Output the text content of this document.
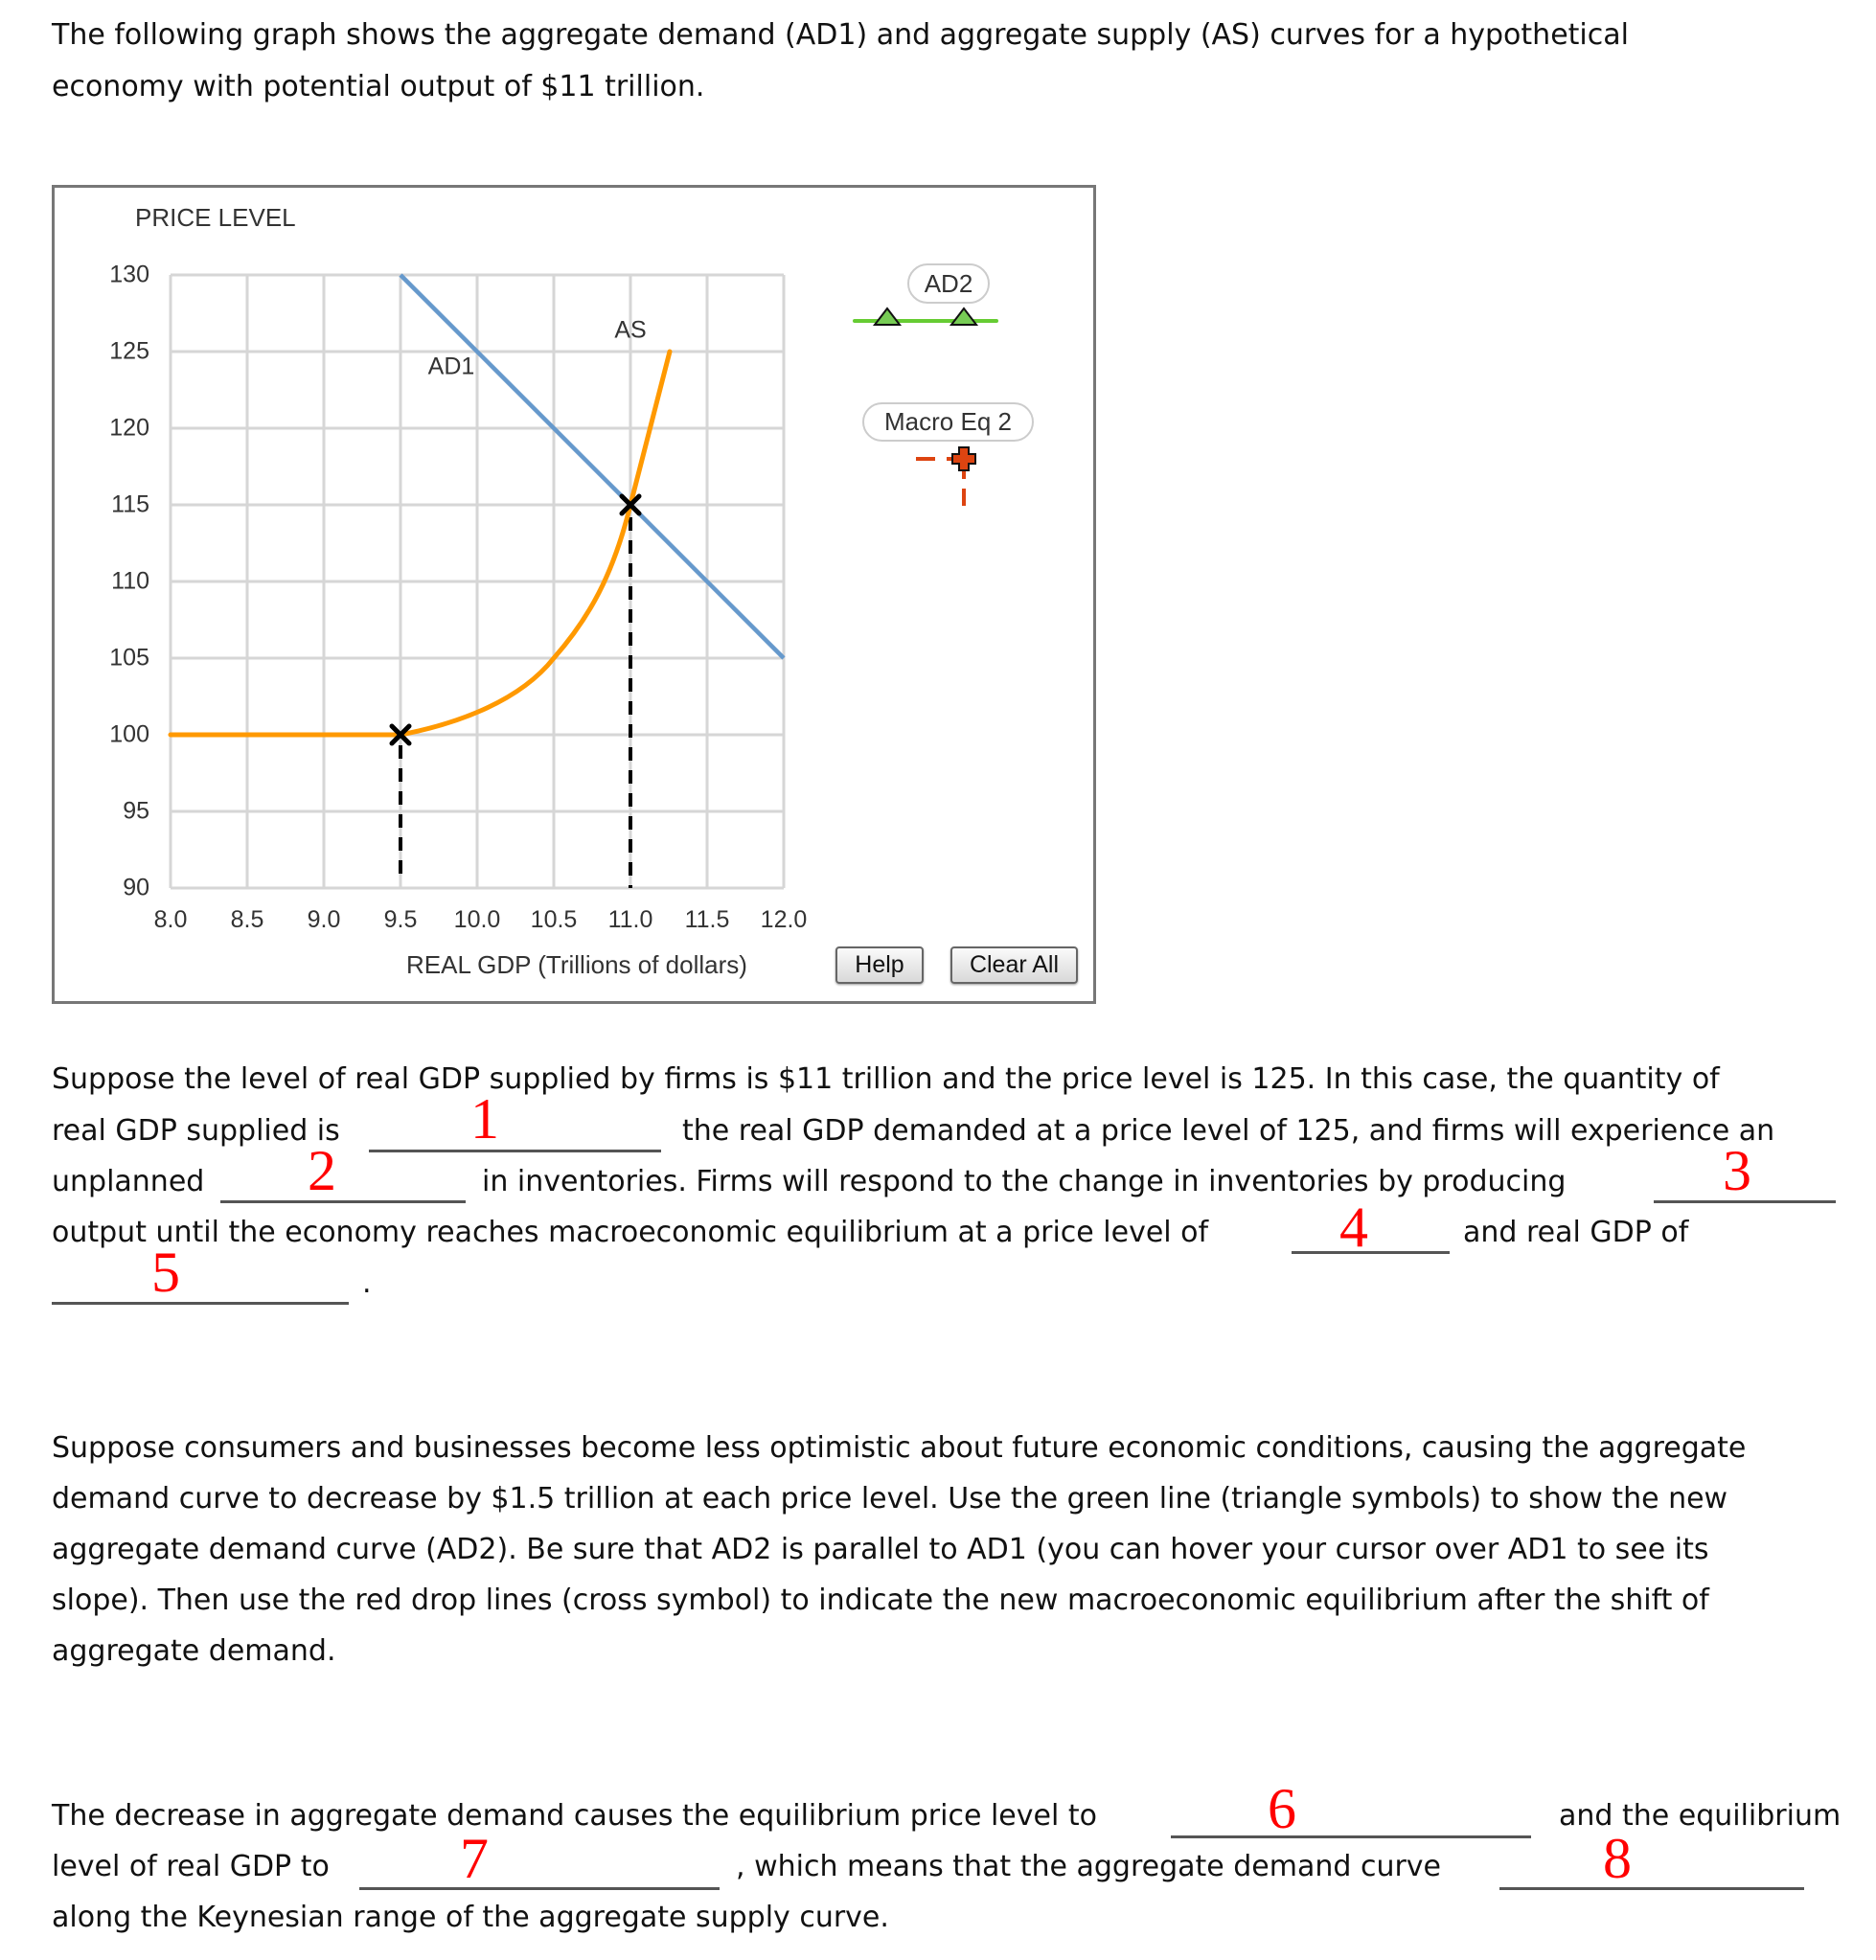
The following graph shows the aggregate demand (AD1) and aggregate supply (AS) curves for a hypothetical
economy with potential output of $11 trillion.
PRICE LEVEL
130
125
120
115
110
105
100
95
90
8.0 8.5 9.0 9.5 10.0 10.5 11.0 11.5 12.0
REAL GDP (Trillions of dollars)
AD1
AS
AD2
Macro Eq 2
Help	Clear All
Suppose the level of real GDP supplied by firms is $11 trillion and the price level is 125. In this case, the quantity of
real GDP supplied is 1	the real GDP demanded at a price level of 125, and firms will experience an
unplanned 2	in inventories. Firms will respond to the change in inventories by producing	3
output until the economy reaches macroeconomic equilibrium at a price level of 4	and real GDP of
5	.
Suppose consumers and businesses become less optimistic about future economic conditions, causing the aggregate
demand curve to decrease by $1.5 trillion at each price level. Use the green line (triangle symbols) to show the new
aggregate demand curve (AD2). Be sure that AD2 is parallel to AD1 (you can hover your cursor over AD1 to see its
slope). Then use the red drop lines (cross symbol) to indicate the new macroeconomic equilibrium after the shift of
aggregate demand.
The decrease in aggregate demand causes the equilibrium price level to	6	and the equilibrium
level of real GDP to 7	, which means that the aggregate demand curve	8
along the Keynesian range of the aggregate supply curve.
